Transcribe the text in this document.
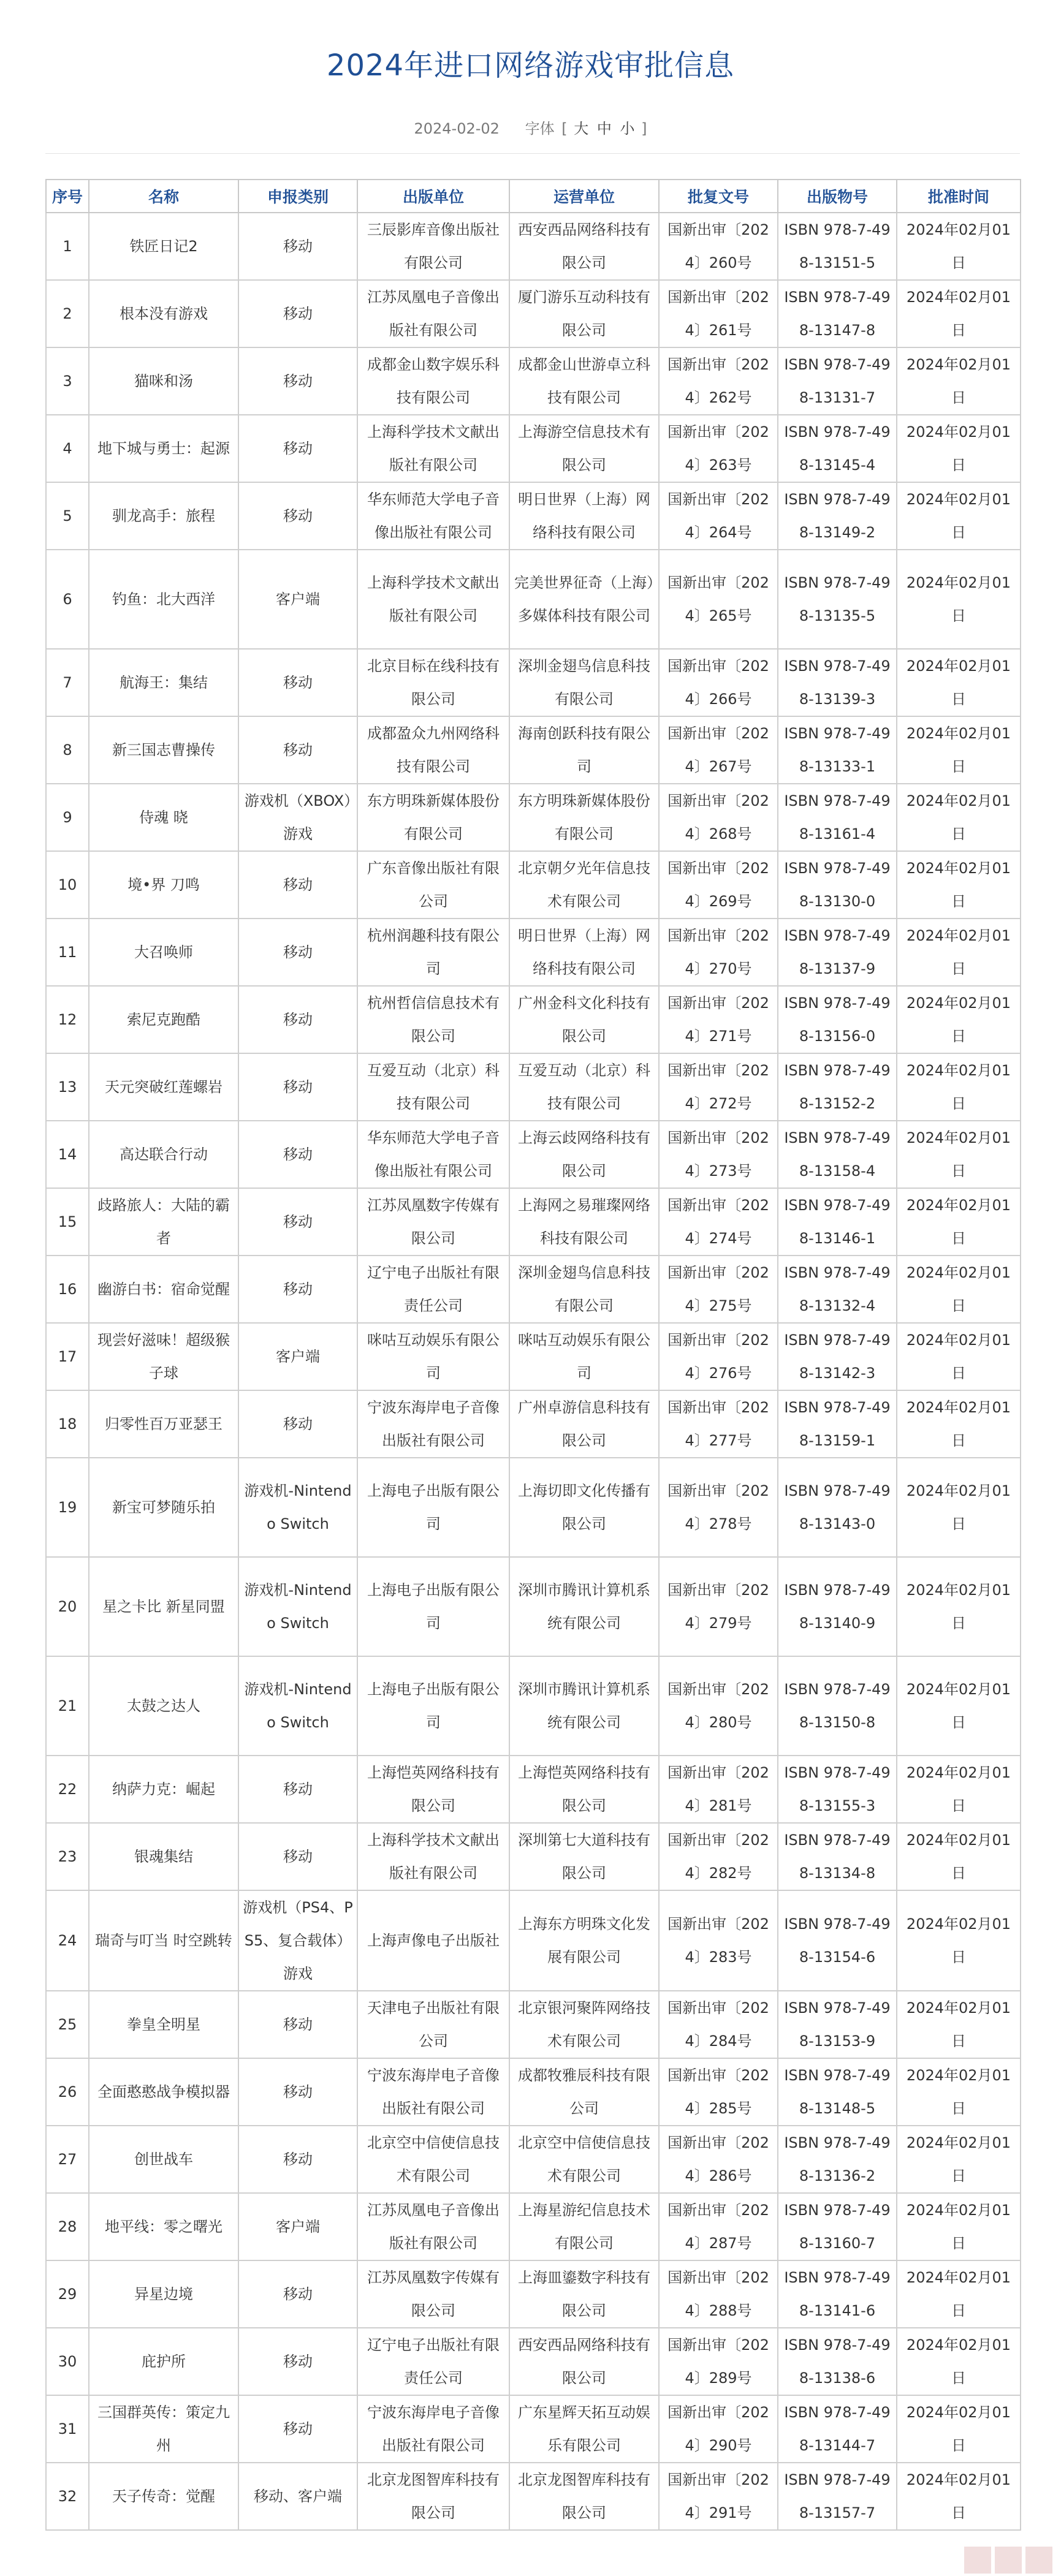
2024年进口网络游戏审批信息
2024-02-02 字体 [ 大 中 小 ]
序号	名称	申报类别	出版单位	运营单位	批复文号	出版物号	批准时间
1	铁匠日记2	移动	三辰影库音像出版社有限公司	西安西品网络科技有限公司	国新出审〔2024〕260号	ISBN 978-7-498-13151-5	2024年02月01日
2	根本没有游戏	移动	江苏凤凰电子音像出版社有限公司	厦门游乐互动科技有限公司	国新出审〔2024〕261号	ISBN 978-7-498-13147-8	2024年02月01日
3	猫咪和汤	移动	成都金山数字娱乐科技有限公司	成都金山世游卓立科技有限公司	国新出审〔2024〕262号	ISBN 978-7-498-13131-7	2024年02月01日
4	地下城与勇士：起源	移动	上海科学技术文献出版社有限公司	上海游空信息技术有限公司	国新出审〔2024〕263号	ISBN 978-7-498-13145-4	2024年02月01日
5	驯龙高手：旅程	移动	华东师范大学电子音像出版社有限公司	明日世界（上海）网络科技有限公司	国新出审〔2024〕264号	ISBN 978-7-498-13149-2	2024年02月01日
6	钓鱼：北大西洋	客户端	上海科学技术文献出版社有限公司	完美世界征奇（上海）多媒体科技有限公司	国新出审〔2024〕265号	ISBN 978-7-498-13135-5	2024年02月01日
7	航海王：集结	移动	北京目标在线科技有限公司	深圳金翅鸟信息科技有限公司	国新出审〔2024〕266号	ISBN 978-7-498-13139-3	2024年02月01日
8	新三国志曹操传	移动	成都盈众九州网络科技有限公司	海南创跃科技有限公司	国新出审〔2024〕267号	ISBN 978-7-498-13133-1	2024年02月01日
9	侍魂 晓	游戏机（XBOX）游戏	东方明珠新媒体股份有限公司	东方明珠新媒体股份有限公司	国新出审〔2024〕268号	ISBN 978-7-498-13161-4	2024年02月01日
10	境•界 刀鸣	移动	广东音像出版社有限公司	北京朝夕光年信息技术有限公司	国新出审〔2024〕269号	ISBN 978-7-498-13130-0	2024年02月01日
11	大召唤师	移动	杭州润趣科技有限公司	明日世界（上海）网络科技有限公司	国新出审〔2024〕270号	ISBN 978-7-498-13137-9	2024年02月01日
12	索尼克跑酷	移动	杭州哲信信息技术有限公司	广州金科文化科技有限公司	国新出审〔2024〕271号	ISBN 978-7-498-13156-0	2024年02月01日
13	天元突破红莲螺岩	移动	互爱互动（北京）科技有限公司	互爱互动（北京）科技有限公司	国新出审〔2024〕272号	ISBN 978-7-498-13152-2	2024年02月01日
14	高达联合行动	移动	华东师范大学电子音像出版社有限公司	上海云歧网络科技有限公司	国新出审〔2024〕273号	ISBN 978-7-498-13158-4	2024年02月01日
15	歧路旅人：大陆的霸者	移动	江苏凤凰数字传媒有限公司	上海网之易璀璨网络科技有限公司	国新出审〔2024〕274号	ISBN 978-7-498-13146-1	2024年02月01日
16	幽游白书：宿命觉醒	移动	辽宁电子出版社有限责任公司	深圳金翅鸟信息科技有限公司	国新出审〔2024〕275号	ISBN 978-7-498-13132-4	2024年02月01日
17	现尝好滋味！超级猴子球	客户端	咪咕互动娱乐有限公司	咪咕互动娱乐有限公司	国新出审〔2024〕276号	ISBN 978-7-498-13142-3	2024年02月01日
18	归零性百万亚瑟王	移动	宁波东海岸电子音像出版社有限公司	广州卓游信息科技有限公司	国新出审〔2024〕277号	ISBN 978-7-498-13159-1	2024年02月01日
19	新宝可梦随乐拍	游戏机-Nintendo Switch	上海电子出版有限公司	上海切即文化传播有限公司	国新出审〔2024〕278号	ISBN 978-7-498-13143-0	2024年02月01日
20	星之卡比 新星同盟	游戏机-Nintendo Switch	上海电子出版有限公司	深圳市腾讯计算机系统有限公司	国新出审〔2024〕279号	ISBN 978-7-498-13140-9	2024年02月01日
21	太鼓之达人	游戏机-Nintendo Switch	上海电子出版有限公司	深圳市腾讯计算机系统有限公司	国新出审〔2024〕280号	ISBN 978-7-498-13150-8	2024年02月01日
22	纳萨力克：崛起	移动	上海恺英网络科技有限公司	上海恺英网络科技有限公司	国新出审〔2024〕281号	ISBN 978-7-498-13155-3	2024年02月01日
23	银魂集结	移动	上海科学技术文献出版社有限公司	深圳第七大道科技有限公司	国新出审〔2024〕282号	ISBN 978-7-498-13134-8	2024年02月01日
24	瑞奇与叮当 时空跳转	游戏机（PS4、PS5、复合载体）游戏	上海声像电子出版社	上海东方明珠文化发展有限公司	国新出审〔2024〕283号	ISBN 978-7-498-13154-6	2024年02月01日
25	拳皇全明星	移动	天津电子出版社有限公司	北京银河聚阵网络技术有限公司	国新出审〔2024〕284号	ISBN 978-7-498-13153-9	2024年02月01日
26	全面憨憨战争模拟器	移动	宁波东海岸电子音像出版社有限公司	成都牧雅辰科技有限公司	国新出审〔2024〕285号	ISBN 978-7-498-13148-5	2024年02月01日
27	创世战车	移动	北京空中信使信息技术有限公司	北京空中信使信息技术有限公司	国新出审〔2024〕286号	ISBN 978-7-498-13136-2	2024年02月01日
28	地平线：零之曙光	客户端	江苏凤凰电子音像出版社有限公司	上海星游纪信息技术有限公司	国新出审〔2024〕287号	ISBN 978-7-498-13160-7	2024年02月01日
29	异星边境	移动	江苏凤凰数字传媒有限公司	上海皿鎏数字科技有限公司	国新出审〔2024〕288号	ISBN 978-7-498-13141-6	2024年02月01日
30	庇护所	移动	辽宁电子出版社有限责任公司	西安西品网络科技有限公司	国新出审〔2024〕289号	ISBN 978-7-498-13138-6	2024年02月01日
31	三国群英传：策定九州	移动	宁波东海岸电子音像出版社有限公司	广东星辉天拓互动娱乐有限公司	国新出审〔2024〕290号	ISBN 978-7-498-13144-7	2024年02月01日
32	天子传奇：觉醒	移动、客户端	北京龙图智库科技有限公司	北京龙图智库科技有限公司	国新出审〔2024〕291号	ISBN 978-7-498-13157-7	2024年02月01日
